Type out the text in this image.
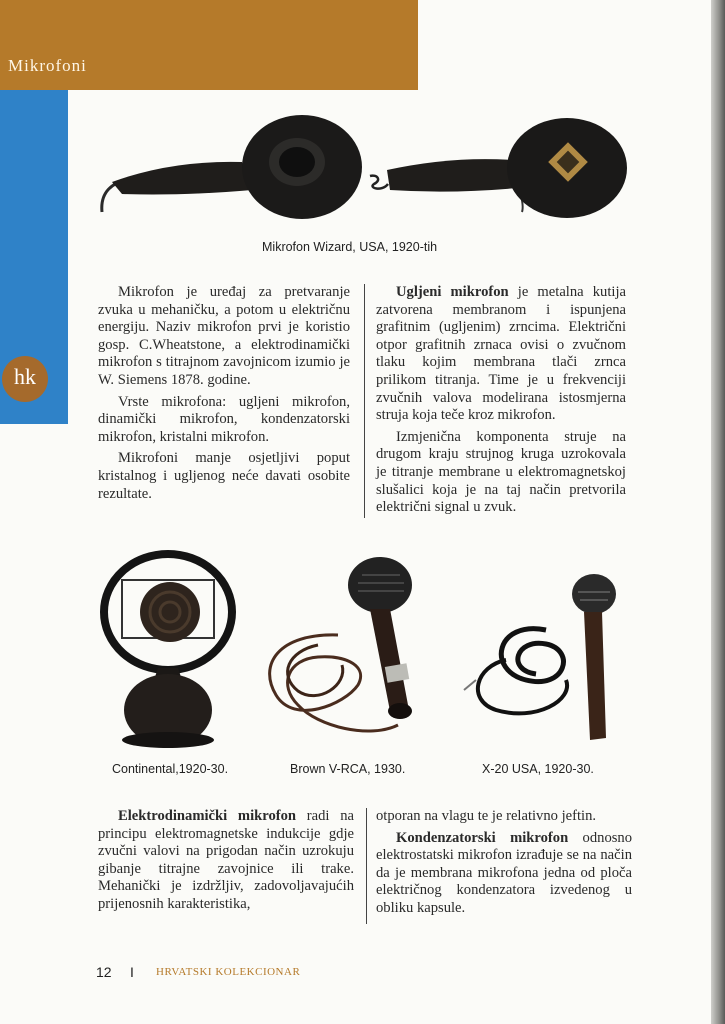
Mikrofoni
hk
Mikrofon Wizard, USA, 1920-tih

Mikrofon je uređaj za pretvaranje zvuka u mehaničku, a potom u električnu energiju. Naziv mikrofon prvi je koristio gosp. C.Wheatstone, a elektrodinamički mikrofon s titrajnom zavojnicom izumio je W. Siemens 1878. godine.

Vrste mikrofona: ugljeni mikrofon, dinamički mikrofon, kondenzatorski mikrofon, kristalni mikrofon.

Mikrofoni manje osjetljivi poput kristalnog i ugljenog neće davati osobite rezultate.

Ugljeni mikrofon je metalna kutija zatvorena membranom i ispunjena grafitnim (ugljenim) zrncima. Električni otpor grafitnih zrnaca ovisi o zvučnom tlaku kojim membrana tlači zrnca prilikom titranja. Time je u frekvenciji zvučnih valova modelirana istosmjerna struja koja teče kroz mikrofon.

Izmjenična komponenta struje na drugom kraju strujnog kruga uzrokovala je titranje membrane u elektromagnetskoj slušalici koja je na taj način pretvorila električni signal u zvuk.

Continental,1920-30.	Brown V-RCA, 1930.	X-20 USA, 1920-30.

Elektrodinamički mikrofon radi na principu elektromagnetske indukcije gdje zvučni valovi na prigodan način uzrokuju gibanje titrajne zavojnice ili trake. Mehanički je izdržljiv, zadovoljavajućih prijenosnih karakteristika,

otporan na vlagu te je relativno jeftin.

Kondenzatorski mikrofon odnosno elektrostatski mikrofon izrađuje se na način da je membrana mikrofona jedna od ploča električnog kondenzatora izvedenog u obliku kapsule.

12 I HRVATSKI KOLEKCIONAR
